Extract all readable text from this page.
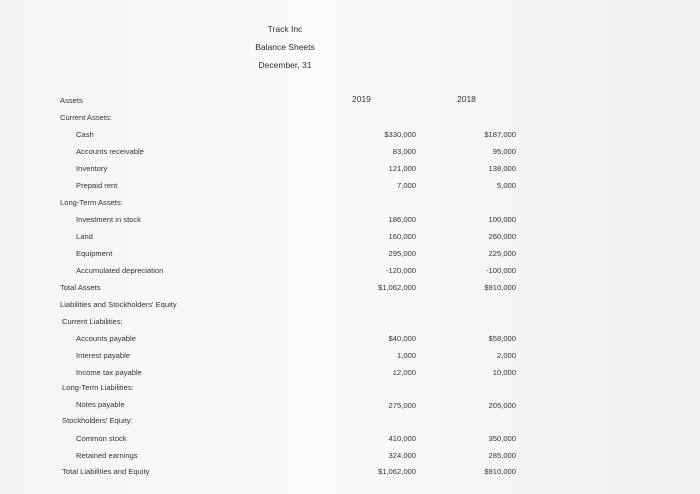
Track Inc
Balance Sheets
December, 31
2019	2018
Assets
Current Assets:
Cash	$330,000	$187,000
Accounts receivable	83,000	95,000
Inventory	121,000	138,000
Prepaid rent	7,000	5,000
Long-Term Assets:
Investment in stock	186,000	100,000
Land	160,000	260,000
Equipment	295,000	225,000
Accumulated depreciation	-120,000	-100,000
Total Assets	$1,062,000	$910,000
Liabilities and Stockholders' Equity
Current Liabilities:
Accounts payable	$40,000	$58,000
Interest payable	1,000	2,000
Income tax payable	12,000	10,000
Long-Term Liabilities:
Notes payable	275,000	205,000
Stockholders' Equity:
Common stock	410,000	350,000
Retained earnings	324,000	285,000
Total Liabilities and Equity	$1,062,000	$910,000
